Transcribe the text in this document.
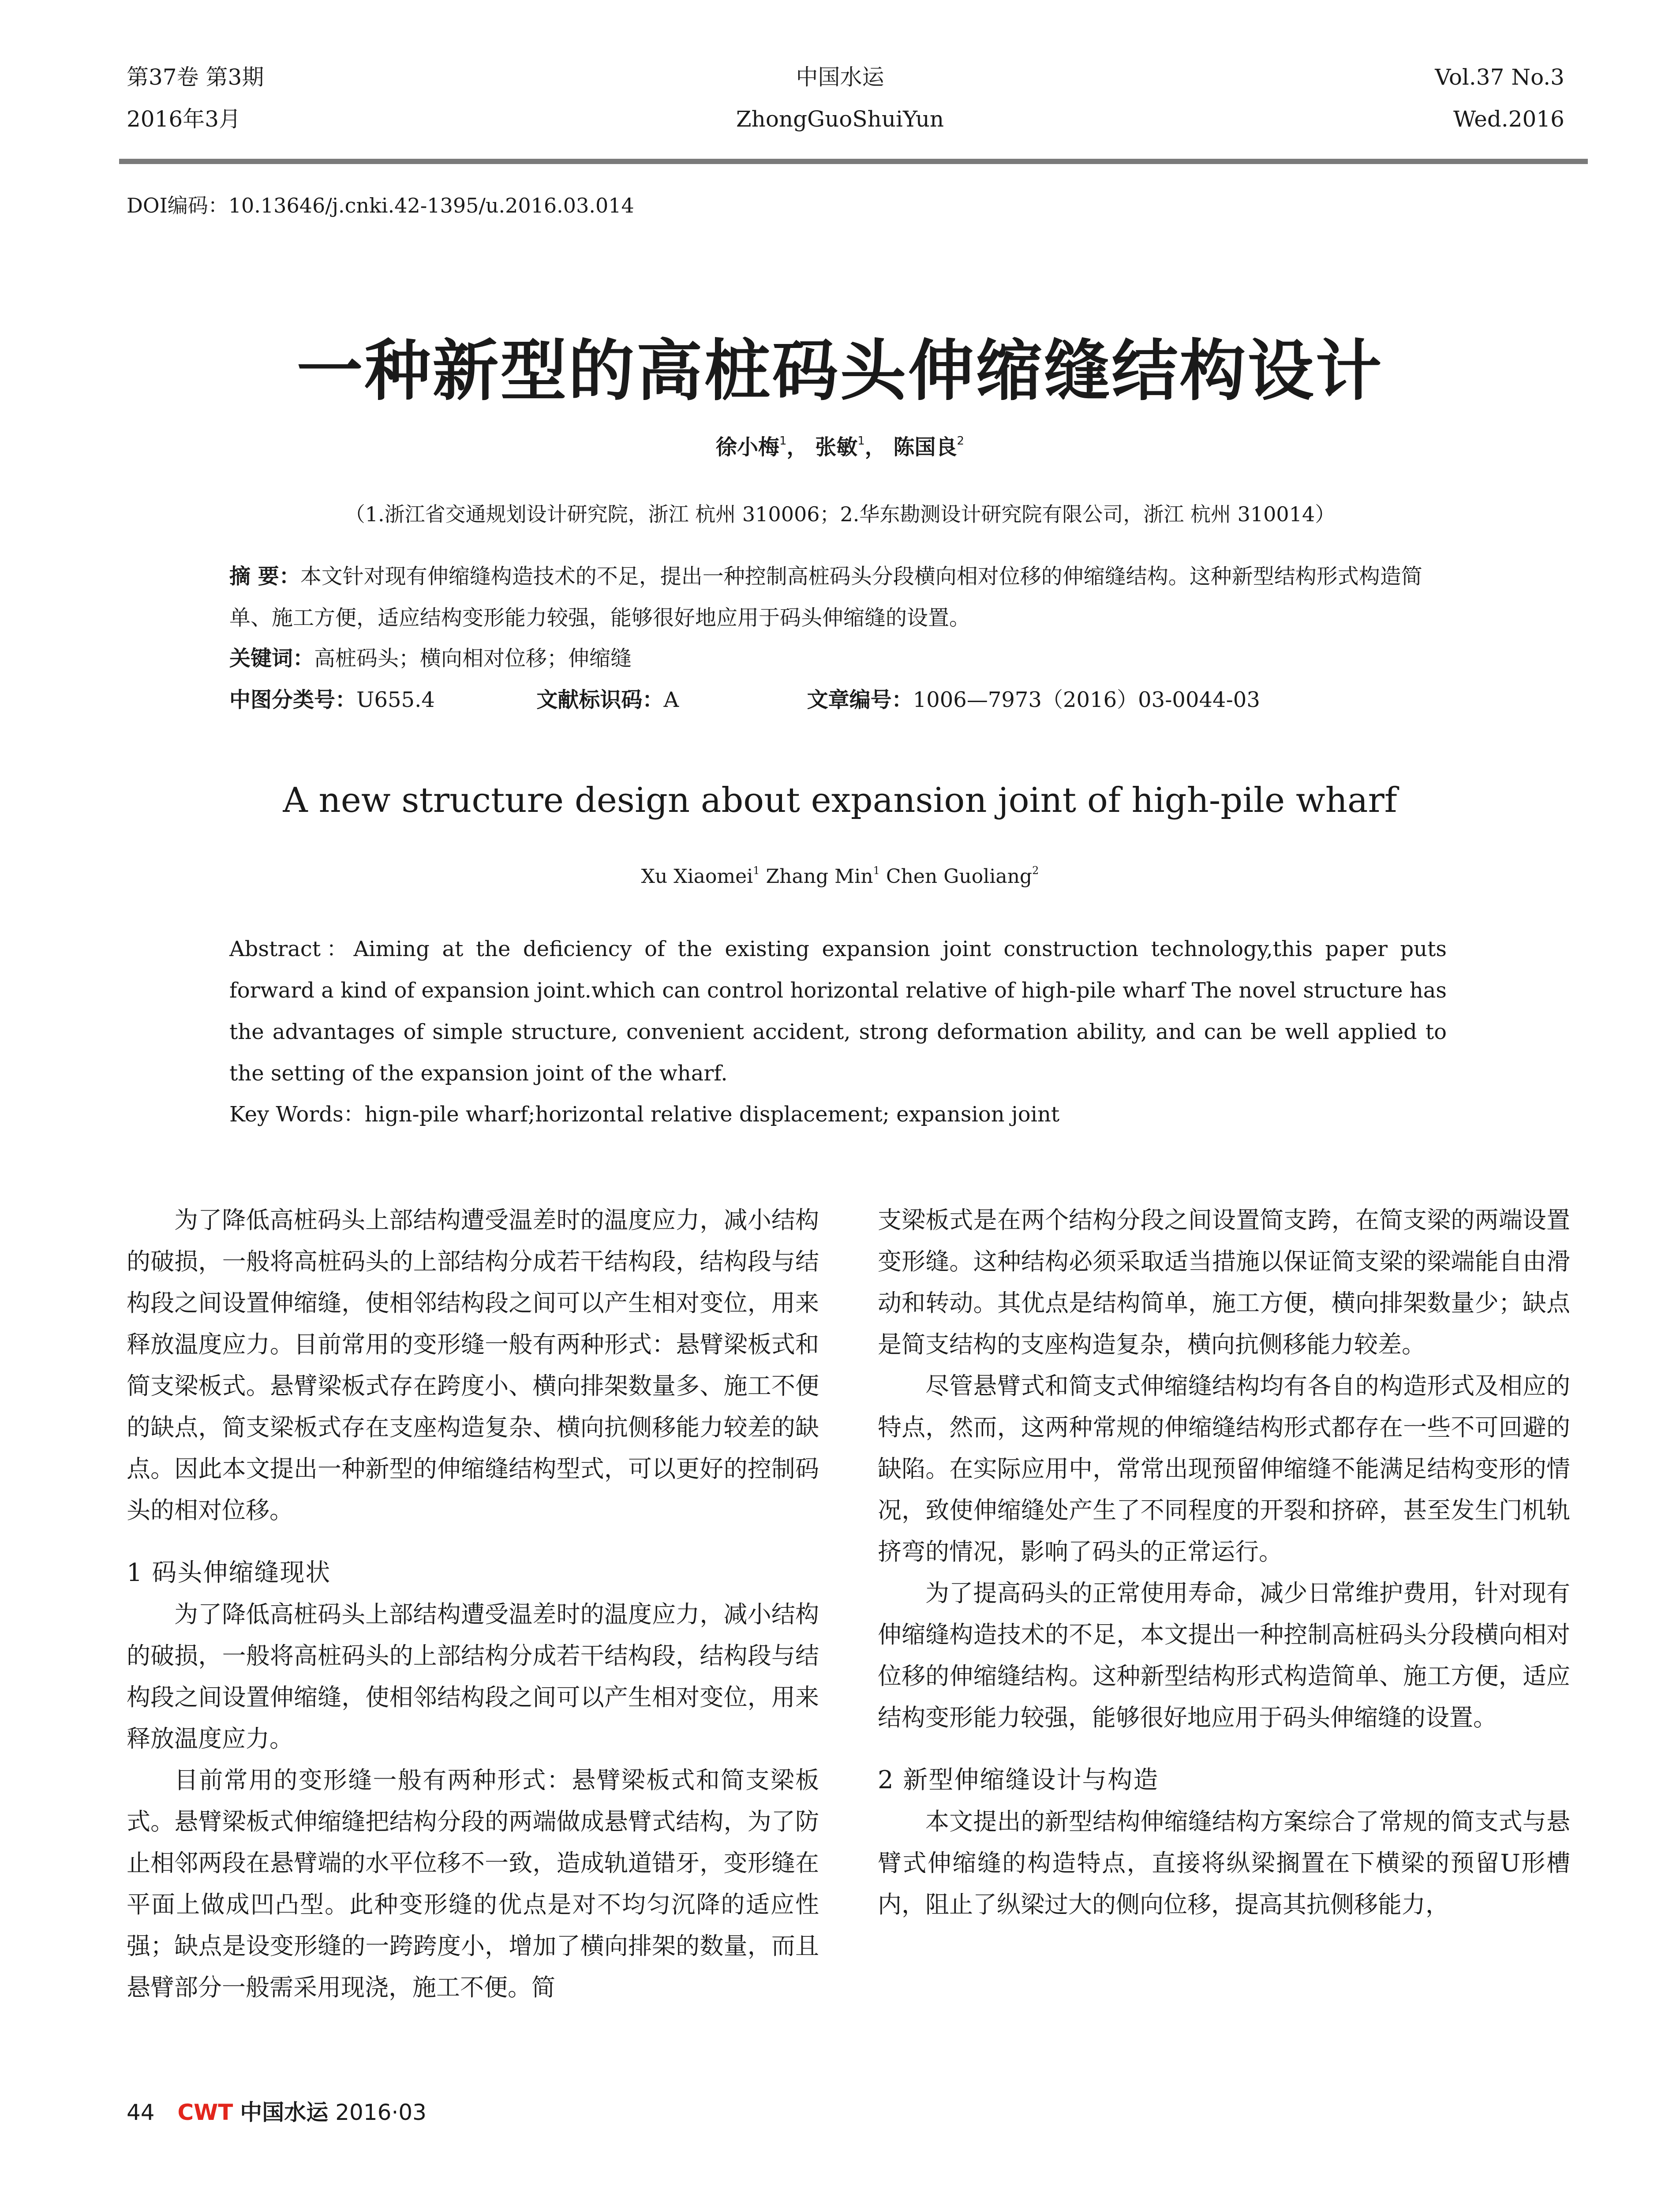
第37卷 第3期
2016年3月
中国水运
ZhongGuoShuiYun
Vol.37 No.3
Wed.2016
DOI编码：10.13646/j.cnki.42-1395/u.2016.03.014
一种新型的高桩码头伸缩缝结构设计
徐小梅$^1$， 张敏$^1$， 陈国良$^2$
（1.浙江省交通规划设计研究院，浙江 杭州 310006；2.华东勘测设计研究院有限公司，浙江 杭州 310014）
摘 要：本文针对现有伸缩缝构造技术的不足，提出一种控制高桩码头分段横向相对位移的伸缩缝结构。这种新型结构形式构造简单、施工方便，适应结构变形能力较强，能够很好地应用于码头伸缩缝的设置。
关键词：高桩码头；横向相对位移；伸缩缝
中图分类号：U655.4	文献标识码：A	文章编号：1006—7973（2016）03-0044-03
A new structure design about expansion joint of high-pile wharf
Xu Xiaomei$^1$ Zhang Min$^1$ Chen Guoliang$^2$
Abstract：Aiming at the deficiency of the existing expansion joint construction technology,this paper puts forward a kind of expansion joint.which can control horizontal relative of high-pile wharf The novel structure has the advantages of simple structure, convenient accident, strong deformation ability, and can be well applied to the setting of the expansion joint of the wharf.
Key Words：hign-pile wharf;horizontal relative displacement; expansion joint

为了降低高桩码头上部结构遭受温差时的温度应力，减小结构的破损，一般将高桩码头的上部结构分成若干结构段，结构段与结构段之间设置伸缩缝，使相邻结构段之间可以产生相对变位，用来释放温度应力。目前常用的变形缝一般有两种形式：悬臂梁板式和简支梁板式。悬臂梁板式存在跨度小、横向排架数量多、施工不便的缺点，简支梁板式存在支座构造复杂、横向抗侧移能力较差的缺点。因此本文提出一种新型的伸缩缝结构型式，可以更好的控制码头的相对位移。

1 码头伸缩缝现状

为了降低高桩码头上部结构遭受温差时的温度应力，减小结构的破损，一般将高桩码头的上部结构分成若干结构段，结构段与结构段之间设置伸缩缝，使相邻结构段之间可以产生相对变位，用来释放温度应力。

目前常用的变形缝一般有两种形式：悬臂梁板式和简支梁板式。悬臂梁板式伸缩缝把结构分段的两端做成悬臂式结构，为了防止相邻两段在悬臂端的水平位移不一致，造成轨道错牙，变形缝在平面上做成凹凸型。此种变形缝的优点是对不均匀沉降的适应性强；缺点是设变形缝的一跨跨度小，增加了横向排架的数量，而且悬臂部分一般需采用现浇，施工不便。简

支梁板式是在两个结构分段之间设置简支跨，在简支梁的两端设置变形缝。这种结构必须采取适当措施以保证简支梁的梁端能自由滑动和转动。其优点是结构简单，施工方便，横向排架数量少；缺点是简支结构的支座构造复杂，横向抗侧移能力较差。

尽管悬臂式和简支式伸缩缝结构均有各自的构造形式及相应的特点，然而，这两种常规的伸缩缝结构形式都存在一些不可回避的缺陷。在实际应用中，常常出现预留伸缩缝不能满足结构变形的情况，致使伸缩缝处产生了不同程度的开裂和挤碎，甚至发生门机轨挤弯的情况，影响了码头的正常运行。

为了提高码头的正常使用寿命，减少日常维护费用，针对现有伸缩缝构造技术的不足，本文提出一种控制高桩码头分段横向相对位移的伸缩缝结构。这种新型结构形式构造简单、施工方便，适应结构变形能力较强，能够很好地应用于码头伸缩缝的设置。

2 新型伸缩缝设计与构造

本文提出的新型结构伸缩缝结构方案综合了常规的简支式与悬臂式伸缩缝的构造特点，直接将纵梁搁置在下横梁的预留U形槽内，阻止了纵梁过大的侧向位移，提高其抗侧移能力，

44 CWT 中国水运 2016·03
